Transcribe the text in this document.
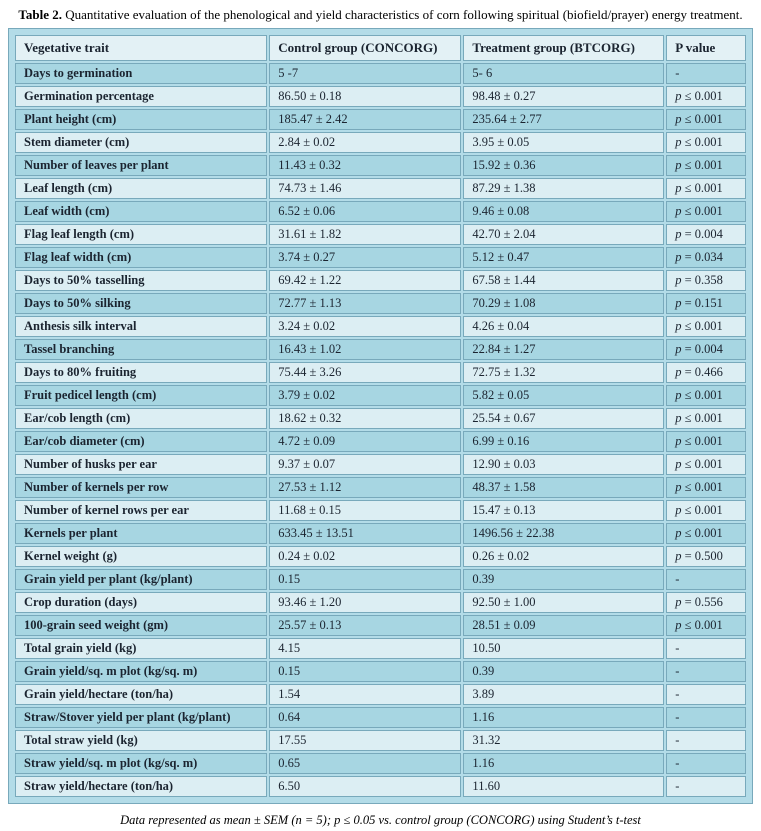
Table 2. Quantitative evaluation of the phenological and yield characteristics of corn following spiritual (biofield/prayer) energy treatment.
Vegetative trait	Control group (CONCORG)	Treatment group (BTCORG)	P value
Days to germination	5 -7	5- 6	-
Germination percentage	86.50 ± 0.18	98.48 ± 0.27	p ≤ 0.001
Plant height (cm)	185.47 ± 2.42	235.64 ± 2.77	p ≤ 0.001
Stem diameter (cm)	2.84 ± 0.02	3.95 ± 0.05	p ≤ 0.001
Number of leaves per plant	11.43 ± 0.32	15.92 ± 0.36	p ≤ 0.001
Leaf length (cm)	74.73 ± 1.46	87.29 ± 1.38	p ≤ 0.001
Leaf width (cm)	6.52 ± 0.06	9.46 ± 0.08	p ≤ 0.001
Flag leaf length (cm)	31.61 ± 1.82	42.70 ± 2.04	p = 0.004
Flag leaf width (cm)	3.74 ± 0.27	5.12 ± 0.47	p = 0.034
Days to 50% tasselling	69.42 ± 1.22	67.58 ± 1.44	p = 0.358
Days to 50% silking	72.77 ± 1.13	70.29 ± 1.08	p = 0.151
Anthesis silk interval	3.24 ± 0.02	4.26 ± 0.04	p ≤ 0.001
Tassel branching	16.43 ± 1.02	22.84 ± 1.27	p = 0.004
Days to 80% fruiting	75.44 ± 3.26	72.75 ± 1.32	p = 0.466
Fruit pedicel length (cm)	3.79 ± 0.02	5.82 ± 0.05	p ≤ 0.001
Ear/cob length (cm)	18.62 ± 0.32	25.54 ± 0.67	p ≤ 0.001
Ear/cob diameter (cm)	4.72 ± 0.09	6.99 ± 0.16	p ≤ 0.001
Number of husks per ear	9.37 ± 0.07	12.90 ± 0.03	p ≤ 0.001
Number of kernels per row	27.53 ± 1.12	48.37 ± 1.58	p ≤ 0.001
Number of kernel rows per ear	11.68 ± 0.15	15.47 ± 0.13	p ≤ 0.001
Kernels per plant	633.45 ± 13.51	1496.56 ± 22.38	p ≤ 0.001
Kernel weight (g)	0.24 ± 0.02	0.26 ± 0.02	p = 0.500
Grain yield per plant (kg/plant)	0.15	0.39	-
Crop duration (days)	93.46 ± 1.20	92.50 ± 1.00	p = 0.556
100-grain seed weight (gm)	25.57 ± 0.13	28.51 ± 0.09	p ≤ 0.001
Total grain yield (kg)	4.15	10.50	-
Grain yield/sq. m plot (kg/sq. m)	0.15	0.39	-
Grain yield/hectare (ton/ha)	1.54	3.89	-
Straw/Stover yield per plant (kg/plant)	0.64	1.16	-
Total straw yield (kg)	17.55	31.32	-
Straw yield/sq. m plot (kg/sq. m)	0.65	1.16	-
Straw yield/hectare (ton/ha)	6.50	11.60	-
Data represented as mean ± SEM (n = 5); p ≤ 0.05 vs. control group (CONCORG) using Student’s t-test
